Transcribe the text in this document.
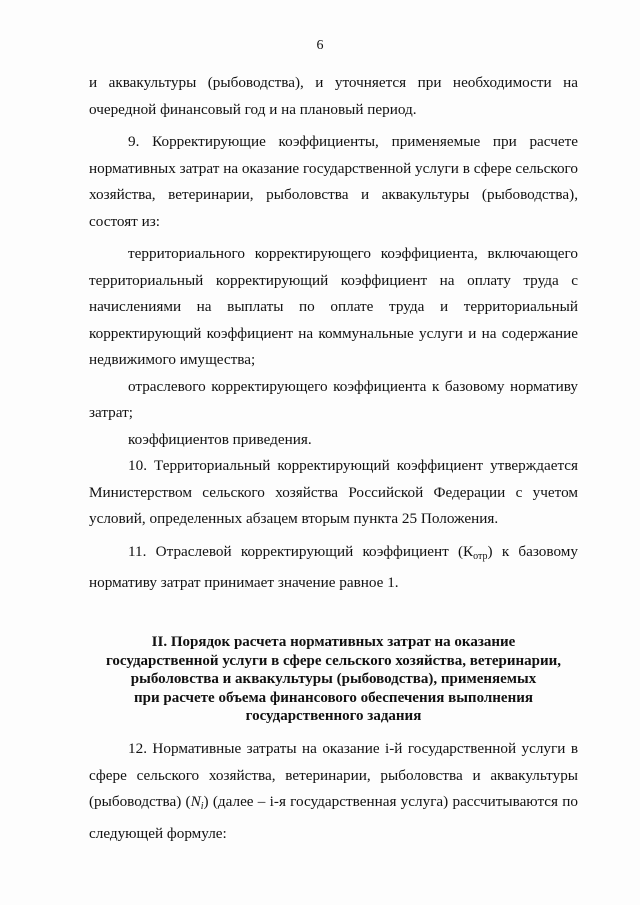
6

и аквакультуры (рыбоводства), и уточняется при необходимости на очередной финансовый год и на плановый период.

9. Корректирующие коэффициенты, применяемые при расчете нормативных затрат на оказание государственной услуги в сфере сельского хозяйства, ветеринарии, рыболовства и аквакультуры (рыбоводства), состоят из:

территориального корректирующего коэффициента, включающего территориальный корректирующий коэффициент на оплату труда с начислениями на выплаты по оплате труда и территориальный корректирующий коэффициент на коммунальные услуги и на содержание недвижимого имущества;

отраслевого корректирующего коэффициента к базовому нормативу затрат;

коэффициентов приведения.

10. Территориальный корректирующий коэффициент утверждается Министерством сельского хозяйства Российской Федерации с учетом условий, определенных абзацем вторым пункта 25 Положения.

11. Отраслевой корректирующий коэффициент $(К_{отр})$ к базовому нормативу затрат принимает значение равное 1.

II. Порядок расчета нормативных затрат на оказание
государственной услуги в сфере сельского хозяйства, ветеринарии,
рыболовства и аквакультуры (рыбоводства), применяемых
при расчете объема финансового обеспечения выполнения
государственного задания

12. Нормативные затраты на оказание i-й государственной услуги в сфере сельского хозяйства, ветеринарии, рыболовства и аквакультуры (рыбоводства) $(N_i)$ (далее – i-я государственная услуга) рассчитываются по следующей формуле:
